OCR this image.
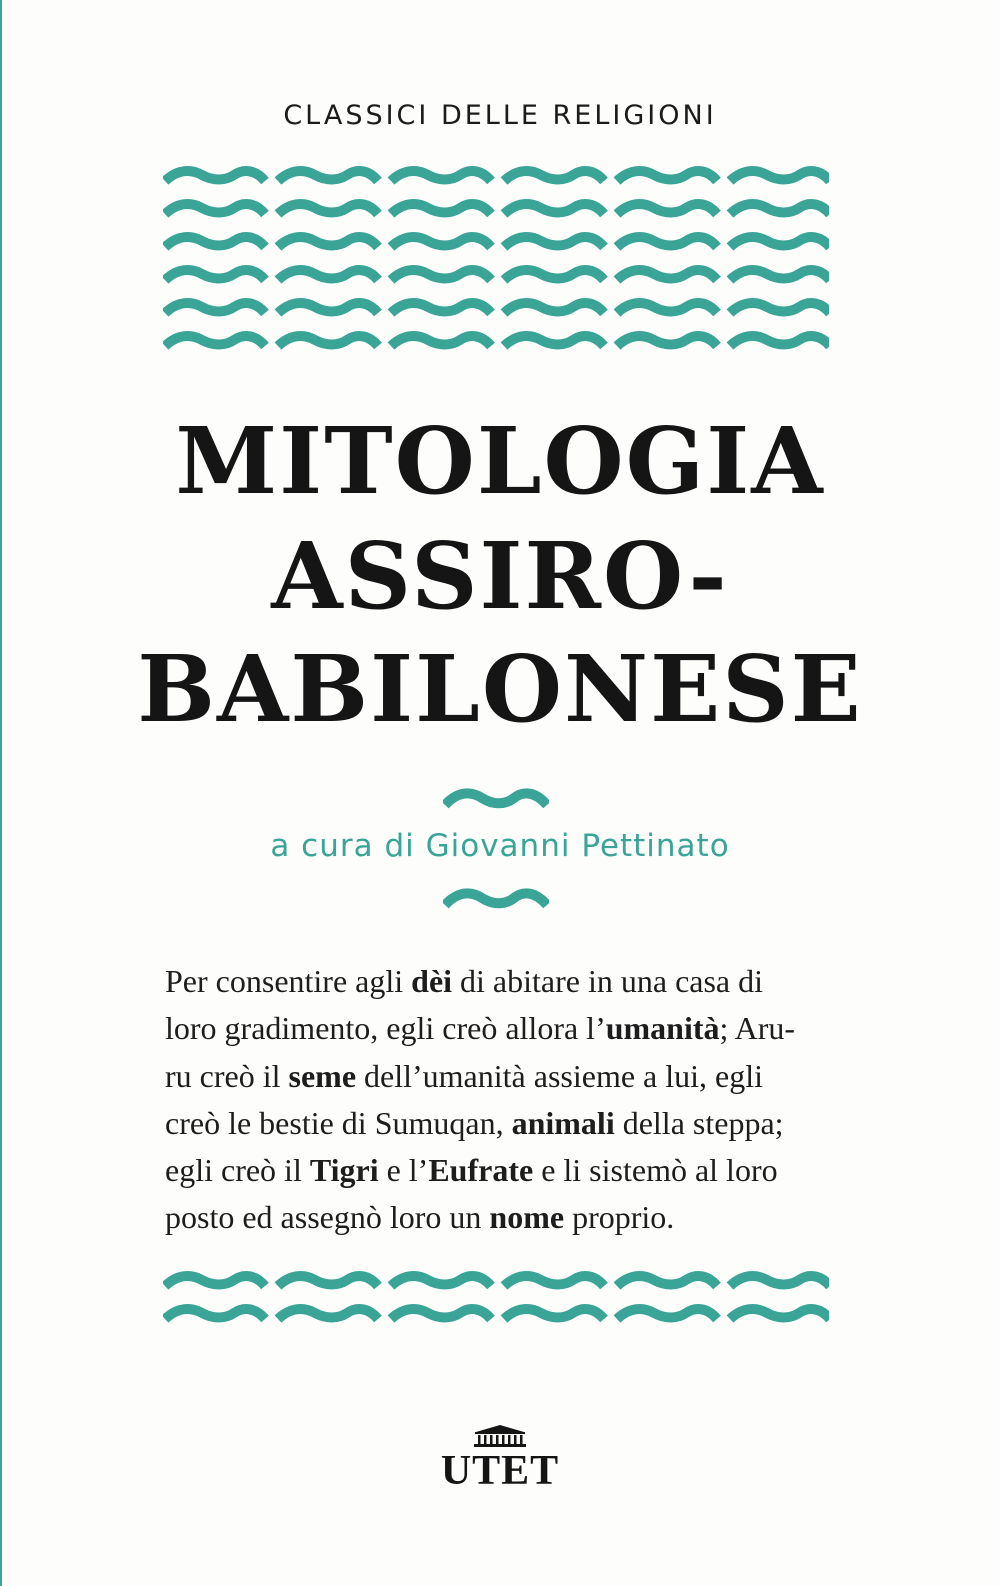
CLASSICI DELLE RELIGIONI
MITOLOGIA
ASSIRO-
BABILONESE
a cura di Giovanni Pettinato
Per consentire agli dèi di abitare in una casa di
loro gradimento, egli creò allora l’umanità; Aru-
ru creò il seme dell’umanità assieme a lui, egli
creò le bestie di Sumuqan, animali della steppa;
egli creò il Tigri e l’Eufrate e li sistemò al loro
posto ed assegnò loro un nome proprio.
UTET
